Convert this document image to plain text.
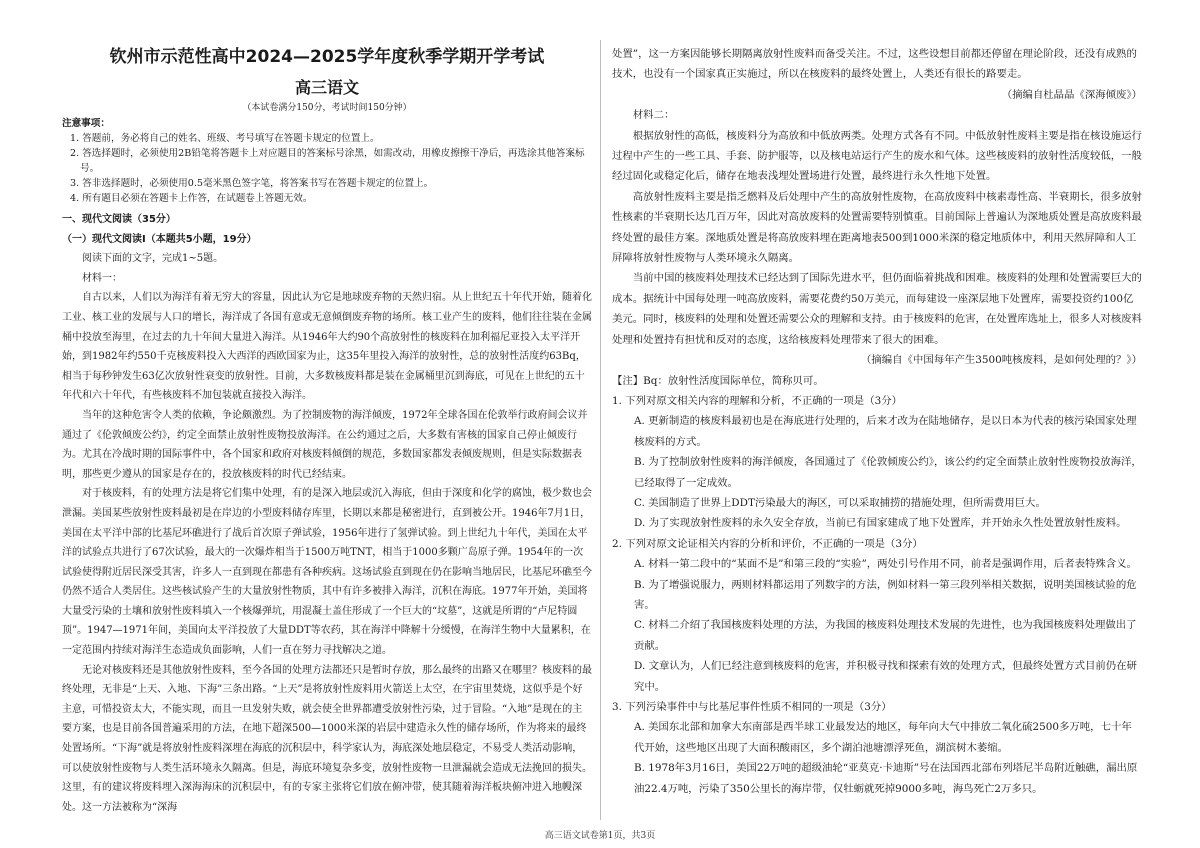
钦州市示范性高中2024—2025学年度秋季学期开学考试
高三语文
（本试卷满分150分，考试时间150分钟）

注意事项：

1. 答题前，务必将自己的姓名、班级、考号填写在答题卡规定的位置上。

2. 答选择题时，必须使用2B铅笔将答题卡上对应题目的答案标号涂黑，如需改动，用橡皮擦擦干净后，再选涂其他答案标号。

3. 答非选择题时，必须使用0.5毫米黑色签字笔，将答案书写在答题卡规定的位置上。

4. 所有题目必须在答题卡上作答，在试题卷上答题无效。

一、现代文阅读（35分）

（一）现代文阅读Ⅰ（本题共5小题，19分）

阅读下面的文字，完成1~5题。

材料一：

自古以来，人们以为海洋有着无穷大的容量，因此认为它是地球废弃物的天然归宿。从上世纪五十年代开始，随着化工业、核工业的发展与人口的增长，海洋成了各国有意或无意倾倒废弃物的场所。核工业产生的废料，他们往往装在金属桶中投放至海里，在过去的九十年间大量进入海洋。从1946年大约90个高放射性的核废料在加利福尼亚投入太平洋开始，到1982年约550千克核废料投入大西洋的西欧国家为止，这35年里投入海洋的放射性，总的放射性活度约63Bq，相当于每秒钟发生63亿次放射性衰变的放射性。目前，大多数核废料都是装在金属桶里沉到海底，可见在上世纪的五十年代和六十年代，有些核废料不加包装就直接投入海洋。

当年的这种危害令人类的依赖，争论颇激烈。为了控制废物的海洋倾废，1972年全球各国在伦敦举行政府间会议并通过了《伦敦倾废公约》，约定全面禁止放射性废物投放海洋。在公约通过之后，大多数有害核的国家自己停止倾废行为。尤其在冷战时期的国际事件中，各个国家和政府对核废料倾倒的规范，多数国家都发表倾废规则，但是实际数据表明，那些更少遵从的国家是存在的，投放核废料的时代已经结束。

对于核废料，有的处理方法是将它们集中处理，有的是深入地层或沉入海底，但由于深度和化学的腐蚀，极少数也会泄漏。美国某些放射性废料最初是在岸边的小型废料储存库里，长期以来都是秘密进行，直到被公开。1946年7月1日，美国在太平洋中部的比基尼环礁进行了战后首次原子弹试验，1956年进行了氢弹试验。到上世纪九十年代，美国在太平洋的试验点共进行了67次试验，最大的一次爆炸相当于1500万吨TNT，相当于1000多颗广岛原子弹。1954年的一次试验使得附近居民深受其害，许多人一直到现在都患有各种疾病。这场试验直到现在仍在影响当地居民，比基尼环礁至今仍然不适合人类居住。这些核试验产生的大量放射性物质，其中有许多被排入海洋，沉积在海底。1977年开始，美国将大量受污染的土壤和放射性废料填入一个核爆弹坑，用混凝土盖住形成了一个巨大的“坟墓”，这就是所谓的“卢尼特圆顶”。1947—1971年间，美国向太平洋投放了大量DDT等农药，其在海洋中降解十分缓慢，在海洋生物中大量累积，在一定范围内持续对海洋生态造成负面影响，人们一直在努力寻找解决之道。

无论对核废料还是其他放射性废料，至今各国的处理方法都还只是暂时存放，那么最终的出路又在哪里？核废料的最终处理，无非是“上天、入地、下海”三条出路。“上天”是将放射性废料用火箭送上太空，在宇宙里焚烧，这似乎是个好主意，可惜投资太大，不能实现，而且一旦发射失败，就会使全世界都遭受放射性污染，过于冒险。“入地”是现在的主要方案，也是目前各国普遍采用的方法，在地下超深500—1000米深的岩层中建造永久性的储存场所，作为将来的最终处置场所。“下海”就是将放射性废料深埋在海底的沉积层中，科学家认为，海底深处地层稳定，不易受人类活动影响，可以使放射性废物与人类生活环境永久隔离。但是，海底环境复杂多变，放射性废物一旦泄漏就会造成无法挽回的损失。这里，有的建议将废料埋入深海海床的沉积层中，有的专家主张将它们放在俯冲带，使其随着海洋板块俯冲进入地幔深处。这一方法被称为“深海

处置”，这一方案因能够长期隔离放射性废料而备受关注。不过，这些设想目前都还停留在理论阶段，还没有成熟的技术，也没有一个国家真正实施过，所以在核废料的最终处置上，人类还有很长的路要走。

（摘编自杜晶晶《深海倾废》）

材料二：

根据放射性的高低，核废料分为高放和中低放两类。处理方式各有不同。中低放射性废料主要是指在核设施运行过程中产生的一些工具、手套、防护服等，以及核电站运行产生的废水和气体。这些核废料的放射性活度较低，一般经过固化或稳定化后，储存在地表浅埋处置场进行处置，最终进行永久性地下处置。

高放射性废料主要是指乏燃料及后处理中产生的高放射性废物，在高放废料中核素毒性高、半衰期长，很多放射性核素的半衰期长达几百万年，因此对高放废料的处置需要特别慎重。目前国际上普遍认为深地质处置是高放废料最终处置的最佳方案。深地质处置是将高放废料埋在距离地表500到1000米深的稳定地质体中，利用天然屏障和人工屏障将放射性废物与人类环境永久隔离。

当前中国的核废料处理技术已经达到了国际先进水平，但仍面临着挑战和困难。核废料的处理和处置需要巨大的成本。据统计中国每处理一吨高放废料，需要花费约50万美元，而每建设一座深层地下处置库，需要投资约100亿美元。同时，核废料的处理和处置还需要公众的理解和支持。由于核废料的危害，在处置库选址上，很多人对核废料处理和处置持有担忧和反对的态度，这给核废料处理带来了很大的困难。

（摘编自《中国每年产生3500吨核废料，是如何处理的？》）

【注】Bq：放射性活度国际单位，简称贝可。

1. 下列对原文相关内容的理解和分析，不正确的一项是（3分）

A. 更新制造的核废料最初也是在海底进行处理的，后来才改为在陆地储存，是以日本为代表的核污染国家处理核废料的方式。

B. 为了控制放射性废料的海洋倾废，各国通过了《伦敦倾废公约》，该公约约定全面禁止放射性废物投放海洋，已经取得了一定成效。

C. 美国制造了世界上DDT污染最大的海区，可以采取捕捞的措施处理，但所需费用巨大。

D. 为了实现放射性废料的永久安全存放，当前已有国家建成了地下处置库，并开始永久性处置放射性废料。

2. 下列对原文论证相关内容的分析和评价，不正确的一项是（3分）

A. 材料一第二段中的“某面不是”和第三段的“实验”，两处引号作用不同，前者是强调作用，后者表特殊含义。

B. 为了增强说服力，两则材料都运用了列数字的方法，例如材料一第三段列举相关数据，说明美国核试验的危害。

C. 材料二介绍了我国核废料处理的方法，为我国的核废料处理技术发展的先进性，也为我国核废料处理做出了贡献。

D. 文章认为，人们已经注意到核废料的危害，并积极寻找和探索有效的处理方式，但最终处置方式目前仍在研究中。

3. 下列污染事件中与比基尼事件性质不相同的一项是（3分）

A. 美国东北部和加拿大东南部是西半球工业最发达的地区，每年向大气中排放二氧化硫2500多万吨，七十年代开始，这些地区出现了大面积酸雨区，多个湖泊池塘漂浮死鱼，湖滨树木萎缩。

B. 1978年3月16日，美国22万吨的超级油轮“亚莫克·卡迪斯”号在法国西北部布列塔尼半岛附近触礁，漏出原油22.4万吨，污染了350公里长的海岸带，仅牡蛎就死掉9000多吨，海鸟死亡2万多只。

高三语文试卷第1页，共3页
